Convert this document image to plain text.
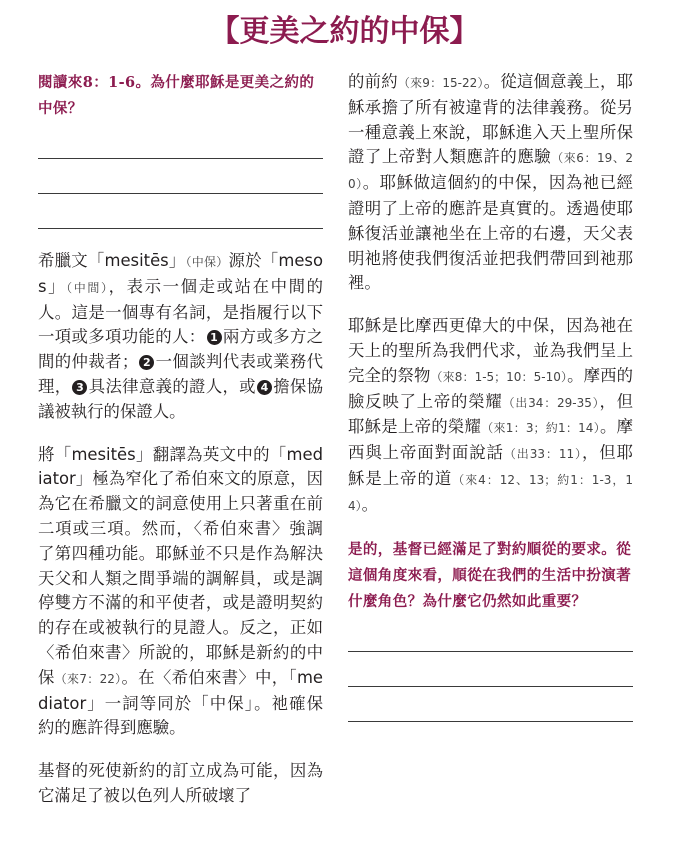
【更美之約的中保】

閱讀來8：1-6。為什麼耶穌是更美之約的中保？

希臘文「mesitēs」（中保）源於「mesos」（中間），表示一個走或站在中間的人。這是一個專有名詞，是指履行以下一項或多項功能的人： 1 兩方或多方之間的仲裁者； 2 一個談判代表或業務代理， 3 具法律意義的證人，或 4 擔保協議被執行的保證人。

將「mesitēs」翻譯為英文中的「mediator」極為窄化了希伯來文的原意，因為它在希臘文的詞意使用上只著重在前二項或三項。然而，〈希伯來書〉強調了第四種功能。耶穌並不只是作為解決天父和人類之間爭端的調解員，或是調停雙方不滿的和平使者，或是證明契約的存在或被執行的見證人。反之，正如〈希伯來書〉所說的，耶穌是新約的中保（來7：22）。在〈希伯來書〉中，「mediator」一詞等同於「中保」。祂確保約的應許得到應驗。

基督的死使新約的訂立成為可能，因為它滿足了被以色列人所破壞了

的前約（來9：15-22）。從這個意義上，耶穌承擔了所有被違背的法律義務。從另一種意義上來說，耶穌進入天上聖所保證了上帝對人類應許的應驗（來6：19、20）。耶穌做這個約的中保，因為祂已經證明了上帝的應許是真實的。透過使耶穌復活並讓祂坐在上帝的右邊，天父表明祂將使我們復活並把我們帶回到祂那裡。

耶穌是比摩西更偉大的中保，因為祂在天上的聖所為我們代求，並為我們呈上完全的祭物（來8：1-5；10：5-10）。摩西的臉反映了上帝的榮耀（出34：29-35），但耶穌是上帝的榮耀（來1：3；約1：14）。摩西與上帝面對面說話（出33：11），但耶穌是上帝的道（來4：12、13；約1：1-3，14）。

是的，基督已經滿足了對約順從的要求。從這個角度來看，順從在我們的生活中扮演著什麼角色？為什麼它仍然如此重要？
